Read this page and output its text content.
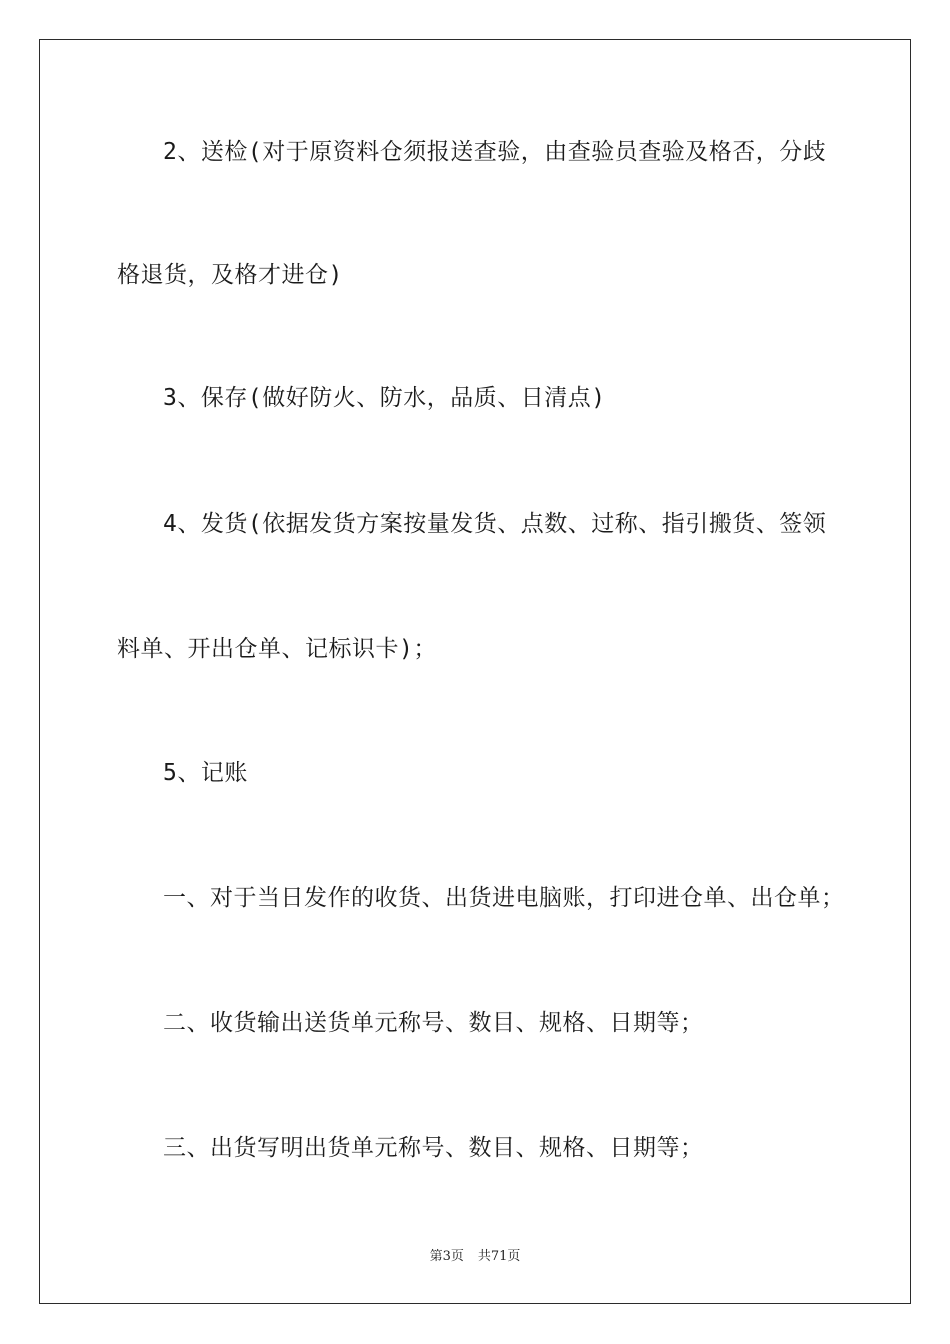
2、送检(对于原资料仓须报送查验，由查验员查验及格否，分歧
格退货，及格才进仓)
3、保存(做好防火、防水，品质、日清点)
4、发货(依据发货方案按量发货、点数、过称、指引搬货、签领
料单、开出仓单、记标识卡)；
5、记账
一、对于当日发作的收货、出货进电脑账，打印进仓单、出仓单；
二、收货输出送货单元称号、数目、规格、日期等；
三、出货写明出货单元称号、数目、规格、日期等；
第3页 共71页
